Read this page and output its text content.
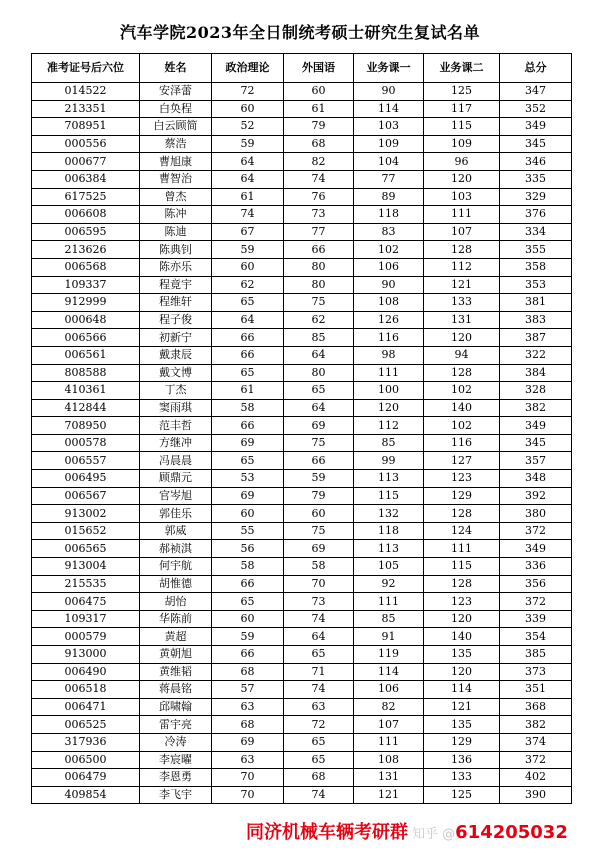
汽车学院2023年全日制统考硕士研究生复试名单
准考证号后六位	姓名	政治理论	外国语	业务课一	业务课二	总分
014522	安泽蕾	72	60	90	125	347
213351	白奂程	60	61	114	117	352
708951	白云顾简	52	79	103	115	349
000556	蔡浩	59	68	109	109	345
000677	曹旭康	64	82	104	96	346
006384	曹智治	64	74	77	120	335
617525	曾杰	61	76	89	103	329
006608	陈冲	74	73	118	111	376
006595	陈迪	67	77	83	107	334
213626	陈典钊	59	66	102	128	355
006568	陈亦乐	60	80	106	112	358
109337	程竟宇	62	80	90	121	353
912999	程维轩	65	75	108	133	381
000648	程子俊	64	62	126	131	383
006566	初新宁	66	85	116	120	387
006561	戴隶辰	66	64	98	94	322
808588	戴文博	65	80	111	128	384
410361	丁杰	61	65	100	102	328
412844	窦雨琪	58	64	120	140	382
708950	范丰哲	66	69	112	102	349
000578	方继冲	69	75	85	116	345
006557	冯晨晨	65	66	99	127	357
006495	顾鼎元	53	59	113	123	348
006567	官岑旭	69	79	115	129	392
913002	郭佳乐	60	60	132	128	380
015652	郭威	55	75	118	124	372
006565	郝祯淇	56	69	113	111	349
913004	何宇航	58	58	105	115	336
215535	胡惟德	66	70	92	128	356
006475	胡怡	65	73	111	123	372
109317	华陈前	60	74	85	120	339
000579	黄超	59	64	91	140	354
913000	黄朝旭	66	65	119	135	385
006490	黄维韬	68	71	114	120	373
006518	蒋晨铭	57	74	106	114	351
006471	邱啸翰	63	63	82	121	368
006525	雷宇亮	68	72	107	135	382
317936	冷涛	69	65	111	129	374
006500	李宸曜	63	65	108	136	372
006479	李恩勇	70	68	131	133	402
409854	李飞宇	70	74	121	125	390
同济机械车辆考研群 知乎 @614205032
